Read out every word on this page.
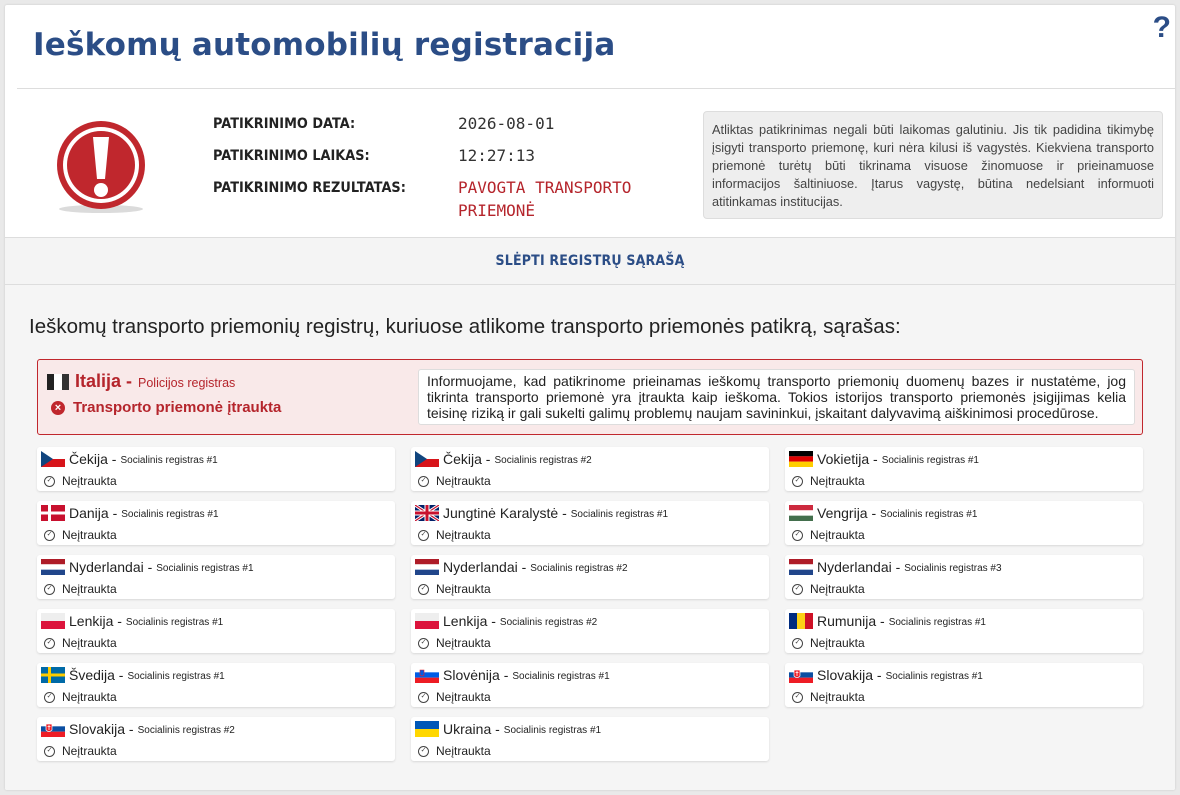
Ieškomų automobilių registracija	?
PATIKRINIMO DATA:
PATIKRINIMO LAIKAS:
PATIKRINIMO REZULTATAS:
2026-08-01
12:27:13
PAVOGTA TRANSPORTO PRIEMONĖ
Atliktas patikrinimas negali būti laikomas galutiniu. Jis tik padidina tikimybę įsigyti transporto priemonę, kuri nėra kilusi iš vagystės. Kiekviena transporto priemonė turėtų būti tikrinama visuose žinomuose ir prieinamuose informacijos šaltiniuose. Įtarus vagystę, būtina nedelsiant informuoti atitinkamas institucijas.
SLĖPTI REGISTRŲ SĄRAŠĄ
Ieškomų transporto priemonių registrų, kuriuose atlikome transporto priemonės patikrą, sąrašas:
Italija - Policijos registras
× Transporto priemonė įtraukta
Informuojame, kad patikrinome prieinamas ieškomų transporto priemonių duomenų bazes ir nustatėme, jog tikrinta transporto priemonė yra įtraukta kaip ieškoma. Tokios istorijos transporto priemonės įsigijimas kelia teisinę riziką ir gali sukelti galimų problemų naujam savininkui, įskaitant dalyvavimą aiškinimosi procedūrose.
Čekija - Socialinis registras #1
✓ Neįtraukta
Čekija - Socialinis registras #2
✓ Neįtraukta
Vokietija - Socialinis registras #1
✓ Neįtraukta
Danija - Socialinis registras #1
✓ Neįtraukta
Jungtinė Karalystė - Socialinis registras #1
✓ Neįtraukta
Vengrija - Socialinis registras #1
✓ Neįtraukta
Nyderlandai - Socialinis registras #1
✓ Neįtraukta
Nyderlandai - Socialinis registras #2
✓ Neįtraukta
Nyderlandai - Socialinis registras #3
✓ Neįtraukta
Lenkija - Socialinis registras #1
✓ Neįtraukta
Lenkija - Socialinis registras #2
✓ Neįtraukta
Rumunija - Socialinis registras #1
✓ Neįtraukta
Švedija - Socialinis registras #1
✓ Neįtraukta
Slovėnija - Socialinis registras #1
✓ Neįtraukta
Slovakija - Socialinis registras #1
✓ Neįtraukta
Slovakija - Socialinis registras #2
✓ Neįtraukta
Ukraina - Socialinis registras #1
✓ Neįtraukta
